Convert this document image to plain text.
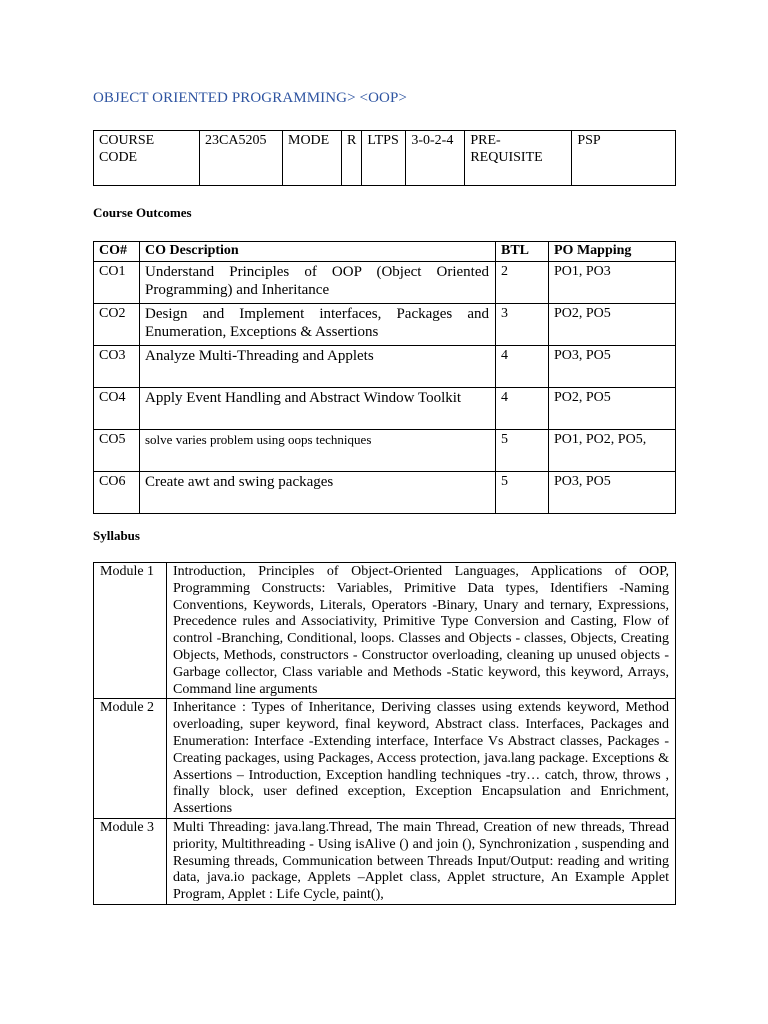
OBJECT ORIENTED PROGRAMMING> <OOP>
COURSE CODE	23CA5205	MODE	R	LTPS	3-0-2-4	PRE-REQUISITE	PSP
Course Outcomes
CO#	CO Description	BTL	PO Mapping
CO1	Understand Principles of OOP (Object Oriented Programming) and Inheritance	2	PO1, PO3
CO2	Design and Implement interfaces, Packages and Enumeration, Exceptions & Assertions	3	PO2, PO5
CO3	Analyze Multi-Threading and Applets	4	PO3, PO5
CO4	Apply Event Handling and Abstract Window Toolkit	4	PO2, PO5
CO5	solve varies problem using oops techniques	5	PO1, PO2, PO5,
CO6	Create awt and swing packages	5	PO3, PO5
Syllabus
Module 1	Introduction, Principles of Object-Oriented Languages, Applications of OOP, Programming Constructs: Variables, Primitive Data types, Identifiers -Naming Conventions, Keywords, Literals, Operators -Binary, Unary and ternary, Expressions, Precedence rules and Associativity, Primitive Type Conversion and Casting, Flow of control -Branching, Conditional, loops. Classes and Objects - classes, Objects, Creating Objects, Methods, constructors - Constructor overloading, cleaning up unused objects -Garbage collector, Class variable and Methods -Static keyword, this keyword, Arrays, Command line arguments
Module 2	Inheritance : Types of Inheritance, Deriving classes using extends keyword, Method overloading, super keyword, final keyword, Abstract class. Interfaces, Packages and Enumeration: Interface -Extending interface, Interface Vs Abstract classes, Packages -Creating packages, using Packages, Access protection, java.lang package. Exceptions & Assertions – Introduction, Exception handling techniques -try… catch, throw, throws , finally block, user defined exception, Exception Encapsulation and Enrichment, Assertions
Module 3	Multi Threading: java.lang.Thread, The main Thread, Creation of new threads, Thread priority, Multithreading - Using isAlive () and join (), Synchronization , suspending and Resuming threads, Communication between Threads Input/Output: reading and writing data, java.io package, Applets –Applet class, Applet structure, An Example Applet Program, Applet : Life Cycle, paint(),
